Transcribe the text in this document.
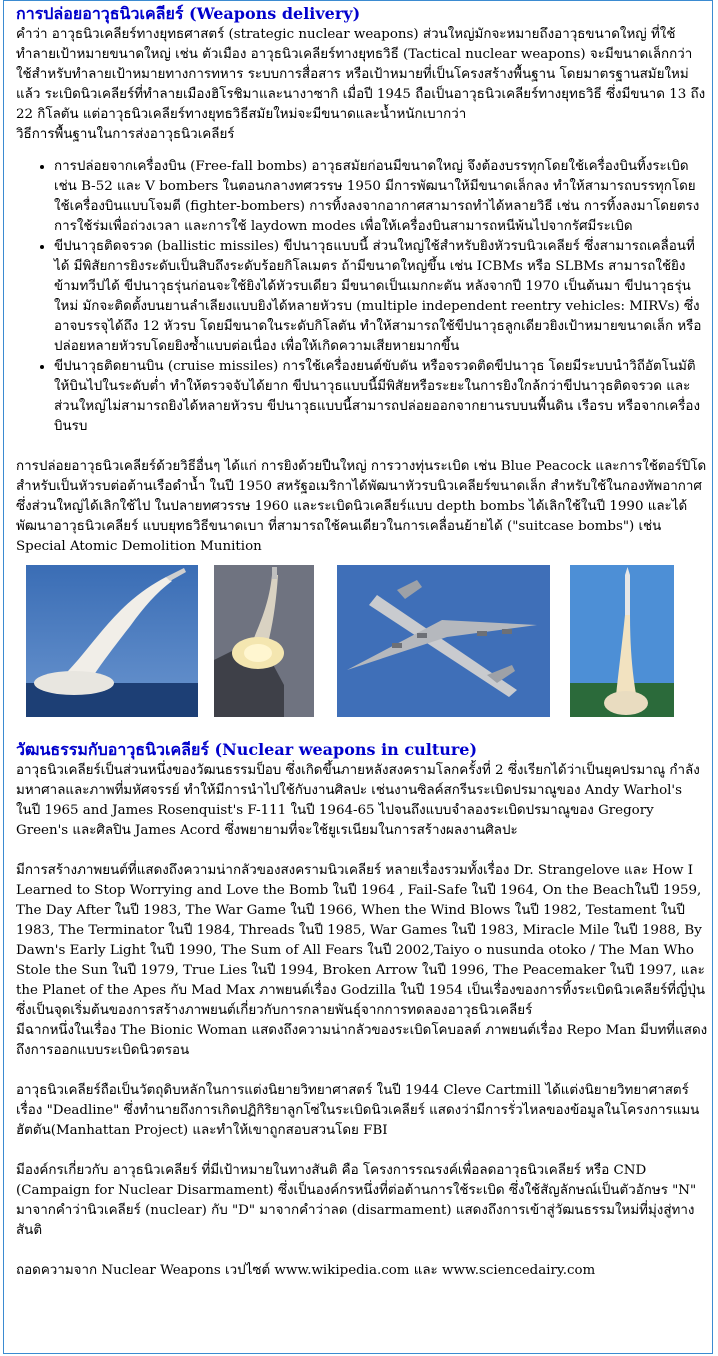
การปล่อยอาวุธนิวเคลียร์ (Weapons delivery)

คำว่า อาวุธนิวเคลียร์ทางยุทธศาสตร์ (strategic nuclear weapons) ส่วนใหญ่มักจะหมายถึงอาวุธขนาดใหญ่ ที่ใช้ทำลายเป้าหมายขนาดใหญ่ เช่น ตัวเมือง อาวุธนิวเคลียร์ทางยุทธวิธี (Tactical nuclear weapons) จะมีขนาดเล็กกว่า ใช้สำหรับทำลายเป้าหมายทางการทหาร ระบบการสื่อสาร หรือเป้าหมายที่เป็นโครงสร้างพื้นฐาน โดยมาตรฐานสมัยใหม่แล้ว ระเบิดนิวเคลียร์ที่ทำลายเมืองฮิโรชิมาและนางาซากิ เมื่อปี 1945 ถือเป็นอาวุธนิวเคลียร์ทางยุทธวิธี ซึ่งมีขนาด 13 ถึง 22 กิโลตัน แต่อาวุธนิวเคลียร์ทางยุทธวิธีสมัยใหม่จะมีขนาดและน้ำหนักเบากว่า

วิธีการพื้นฐานในการส่งอาวุธนิวเคลียร์

• การปล่อยจากเครื่องบิน (Free-fall bombs) อาวุธสมัยก่อนมีขนาดใหญ่ จึงต้องบรรทุกโดยใช้เครื่องบินทิ้งระเบิด เช่น B-52 และ V bombers ในตอนกลางทศวรรษ 1950 มีการพัฒนาให้มีขนาดเล็กลง ทำให้สามารถบรรทุกโดยใช้เครื่องบินแบบโจมตี (fighter-bombers) การทิ้งลงจากอากาศสามารถทำได้หลายวิธี เช่น การทิ้งลงมาโดยตรง การใช้ร่มเพื่อถ่วงเวลา และการใช้ laydown modes เพื่อให้เครื่องบินสามารถหนีพ้นไปจากรัศมีระเบิด
• ขีปนาวุธติดจรวด (ballistic missiles) ขีปนาวุธแบบนี้ ส่วนใหญ่ใช้สำหรับยิงหัวรบนิวเคลียร์ ซึ่งสามารถเคลื่อนที่ได้ มีพิสัยการยิงระดับเป็นสิบถึงระดับร้อยกิโลเมตร ถ้ามีขนาดใหญ่ขึ้น เช่น ICBMs หรือ SLBMs สามารถใช้ยิงข้ามทวีปได้ ขีปนาวุธรุ่นก่อนจะใช้ยิงได้หัวรบเดียว มีขนาดเป็นเมกกะตัน หลังจากปี 1970 เป็นต้นมา ขีปนาวุธรุ่นใหม่ มักจะติดตั้งบนยานลำเลียงแบบยิงได้หลายหัวรบ (multiple independent reentry vehicles: MIRVs) ซึ่งอาจบรรจุได้ถึง 12 หัวรบ โดยมีขนาดในระดับกิโลตัน ทำให้สามารถใช้ขีปนาวุธลูกเดียวยิงเป้าหมายขนาดเล็ก หรือปล่อยหลายหัวรบโดยยิงซ้ำแบบต่อเนื่อง เพื่อให้เกิดความเสียหายมากขึ้น
• ขีปนาวุธติดยานบิน (cruise missiles) การใช้เครื่องยนต์ขับดัน หรือจรวดติดขีปนาวุธ โดยมีระบบนำวิถีอัตโนมัติ ให้บินไปในระดับต่ำ ทำให้ตรวจจับได้ยาก ขีปนาวุธแบบนี้มีพิสัยหรือระยะในการยิงใกล้กว่าขีปนาวุธติดจรวด และส่วนใหญ่ไม่สามารถยิงได้หลายหัวรบ ขีปนาวุธแบบนี้สามารถปล่อยออกจากยานรบบนพื้นดิน เรือรบ หรือจากเครื่องบินรบ

การปล่อยอาวุธนิวเคลียร์ด้วยวิธีอื่นๆ ได้แก่ การยิงด้วยปืนใหญ่ การวางทุ่นระเบิด เช่น Blue Peacock และการใช้ตอร์ปิโด สำหรับเป็นหัวรบต่อต้านเรือดำน้ำ ในปี 1950 สหรัฐอเมริกาได้พัฒนาหัวรบนิวเคลียร์ขนาดเล็ก สำหรับใช้ในกองทัพอากาศ ซึ่งส่วนใหญ่ได้เลิกใช้ไป ในปลายทศวรรษ 1960 และระเบิดนิวเคลียร์แบบ depth bombs ได้เลิกใช้ในปี 1990 และได้พัฒนาอาวุธนิวเคลียร์ แบบยุทธวิธีขนาดเบา ที่สามารถใช้คนเดียวในการเคลื่อนย้ายได้ ("suitcase bombs") เช่น Special Atomic Demolition Munition

วัฒนธรรมกับอาวุธนิวเคลียร์ (Nuclear weapons in culture)

อาวุธนิวเคลียร์เป็นส่วนหนึ่งของวัฒนธรรมป็อบ ซึ่งเกิดขึ้นภายหลังสงครามโลกครั้งที่ 2 ซึ่งเรียกได้ว่าเป็นยุคปรมาณู กำลังมหาศาลและภาพที่มหัศจรรย์ ทำให้มีการนำไปใช้กับงานศิลปะ เช่นงานซิลค์สกรีนระเบิดปรมาณูของ Andy Warhol's ในปี 1965 and James Rosenquist's F-111 ในปี 1964-65 ไปจนถึงแบบจำลองระเบิดปรมาณูของ Gregory Green's และศิลปิน James Acord ซึ่งพยายามที่จะใช้ยูเรเนียมในการสร้างผลงานศิลปะ

มีการสร้างภาพยนต์ที่แสดงถึงความน่ากลัวของสงครามนิวเคลียร์ หลายเรื่องรวมทั้งเรื่อง Dr. Strangelove และ How I Learned to Stop Worrying and Love the Bomb ในปี 1964 , Fail-Safe ในปี 1964, On the Beachในปี 1959, The Day After ในปี 1983, The War Game ในปี 1966, When the Wind Blows ในปี 1982, Testament ในปี 1983, The Terminator ในปี 1984, Threads ในปี 1985, War Games ในปี 1983, Miracle Mile ในปี 1988, By Dawn's Early Light ในปี 1990, The Sum of All Fears ในปี 2002,Taiyo o nusunda otoko / The Man Who Stole the Sun ในปี 1979, True Lies ในปี 1994, Broken Arrow ในปี 1996, The Peacemaker ในปี 1997, และ the Planet of the Apes กับ Mad Max ภาพยนต์เรื่อง Godzilla ในปี 1954 เป็นเรื่องของการทิ้งระเบิดนิวเคลียร์ที่ญี่ปุ่น ซึ่งเป็นจุดเริ่มต้นของการสร้างภาพยนต์เกี่ยวกับการกลายพันธุ์จากการทดลองอาวุธนิวเคลียร์

มีฉากหนึ่งในเรื่อง The Bionic Woman แสดงถึงความน่ากลัวของระเบิดโคบอลต์ ภาพยนต์เรื่อง Repo Man มีบทที่แสดงถึงการออกแบบระเบิดนิวตรอน

อาวุธนิวเคลียร์ถือเป็นวัตถุดิบหลักในการแต่งนิยายวิทยาศาสตร์ ในปี 1944 Cleve Cartmill ได้แต่งนิยายวิทยาศาสตร์ เรื่อง "Deadline" ซึ่งทำนายถึงการเกิดปฏิกิริยาลูกโซ่ในระเบิดนิวเคลียร์ แสดงว่ามีการรั่วไหลของข้อมูลในโครงการแมนฮัตตัน(Manhattan Project) และทำให้เขาถูกสอบสวนโดย FBI

มีองค์กรเกี่ยวกับ อาวุธนิวเคลียร์ ที่มีเป้าหมายในทางสันติ คือ โครงการรณรงค์เพื่อลดอาวุธนิวเคลียร์ หรือ CND (Campaign for Nuclear Disarmament) ซึ่งเป็นองค์กรหนึ่งที่ต่อต้านการใช้ระเบิด ซึ่งใช้สัญลักษณ์เป็นตัวอักษร "N" มาจากคำว่านิวเคลียร์ (nuclear) กับ "D" มาจากคำว่าลด (disarmament) แสดงถึงการเข้าสู่วัฒนธรรมใหม่ที่มุ่งสู่ทางสันติ

ถอดความจาก Nuclear Weapons เวปไซต์ www.wikipedia.com และ www.sciencedairy.com
